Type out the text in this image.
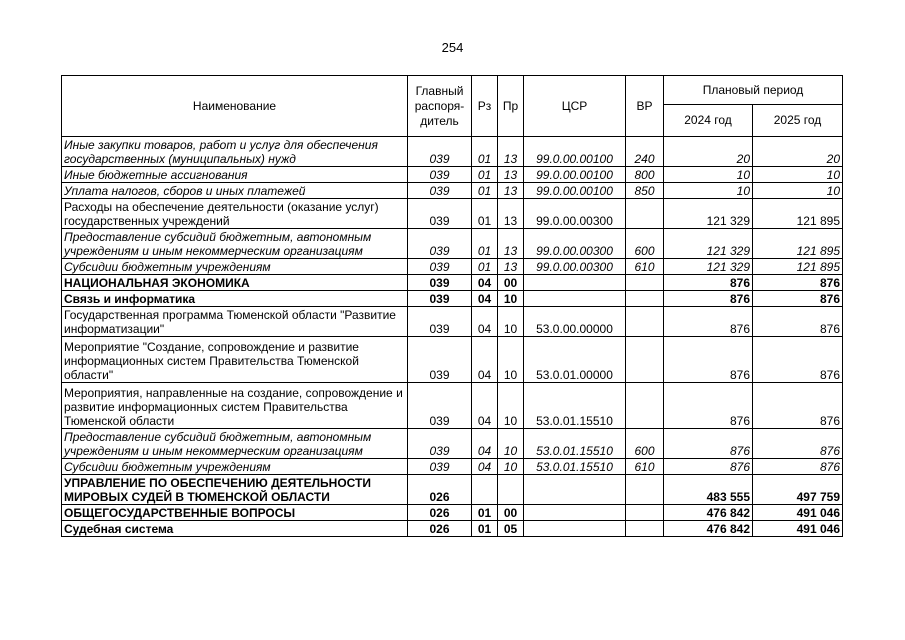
254
Наименование	Главный распоря-дитель	Рз	Пр	ЦСР	ВР	Плановый период	
						2024 год	2025 год
Иные закупки товаров, работ и услуг для обеспечения государственных (муниципальных) нужд	039	01	13	99.0.00.00100	240	20	20
Иные бюджетные ассигнования	039	01	13	99.0.00.00100	800	10	10
Уплата налогов, сборов и иных платежей	039	01	13	99.0.00.00100	850	10	10
Расходы на обеспечение деятельности (оказание услуг) государственных учреждений	039	01	13	99.0.00.00300		121 329	121 895
Предоставление субсидий бюджетным, автономным учреждениям и иным некоммерческим организациям	039	01	13	99.0.00.00300	600	121 329	121 895
Субсидии бюджетным учреждениям	039	01	13	99.0.00.00300	610	121 329	121 895
НАЦИОНАЛЬНАЯ ЭКОНОМИКА	039	04	00			876	876
Связь и информатика	039	04	10			876	876
Государственная программа Тюменской области "Развитие информатизации"	039	04	10	53.0.00.00000		876	876
Мероприятие "Создание, сопровождение и развитие информационных систем Правительства Тюменской области"	039	04	10	53.0.01.00000		876	876
Мероприятия, направленные на создание, сопровождение и развитие информационных систем Правительства Тюменской области	039	04	10	53.0.01.15510		876	876
Предоставление субсидий бюджетным, автономным учреждениям и иным некоммерческим организациям	039	04	10	53.0.01.15510	600	876	876
Субсидии бюджетным учреждениям	039	04	10	53.0.01.15510	610	876	876
УПРАВЛЕНИЕ ПО ОБЕСПЕЧЕНИЮ ДЕЯТЕЛЬНОСТИ МИРОВЫХ СУДЕЙ В ТЮМЕНСКОЙ ОБЛАСТИ	026					483 555	497 759
ОБЩЕГОСУДАРСТВЕННЫЕ ВОПРОСЫ	026	01	00			476 842	491 046
Судебная система	026	01	05			476 842	491 046
